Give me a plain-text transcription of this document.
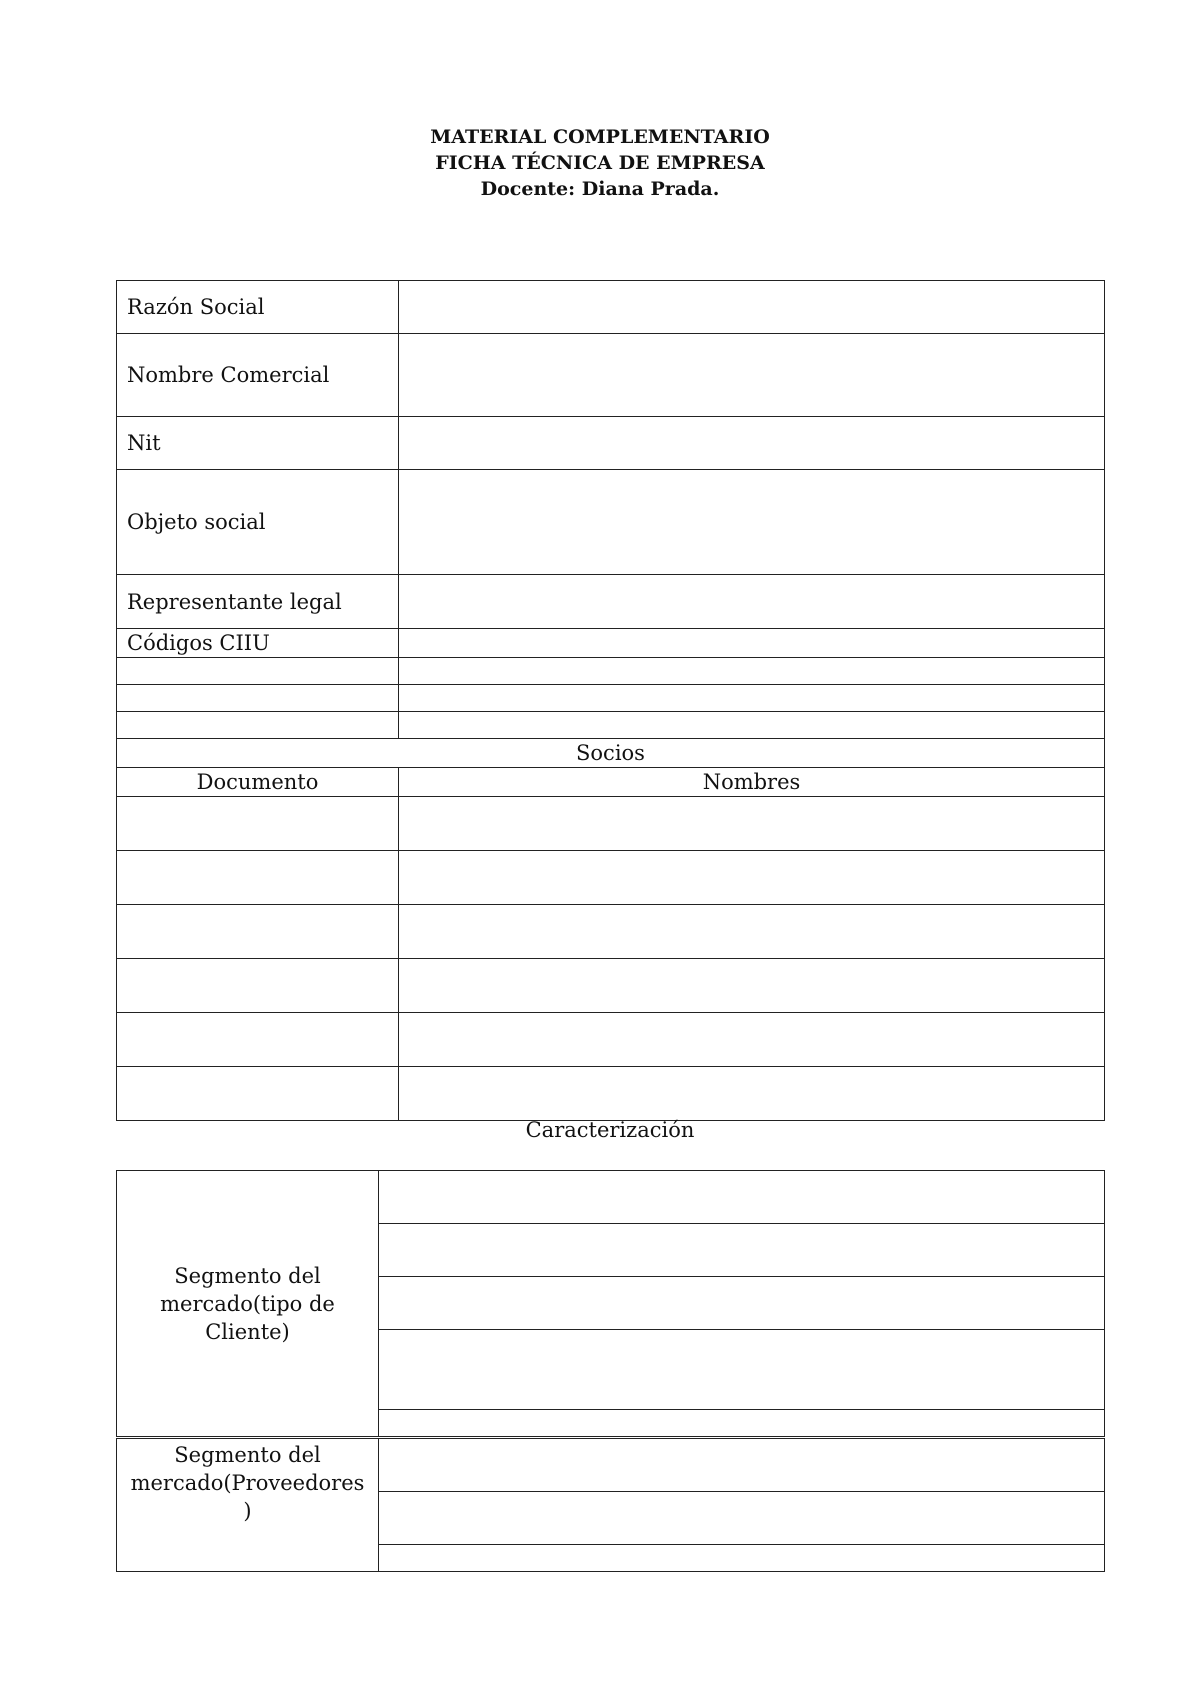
MATERIAL COMPLEMENTARIO
FICHA TÉCNICA DE EMPRESA
Docente: Diana Prada.
Razón Social	
Nombre Comercial	
Nit	
Objeto social	
Representante legal	
Códigos CIIU	

Socios	
Documento	Nombres

Caracterización
Segmento del mercado(tipo de Cliente)	

Segmento del mercado(Proveedores )	
